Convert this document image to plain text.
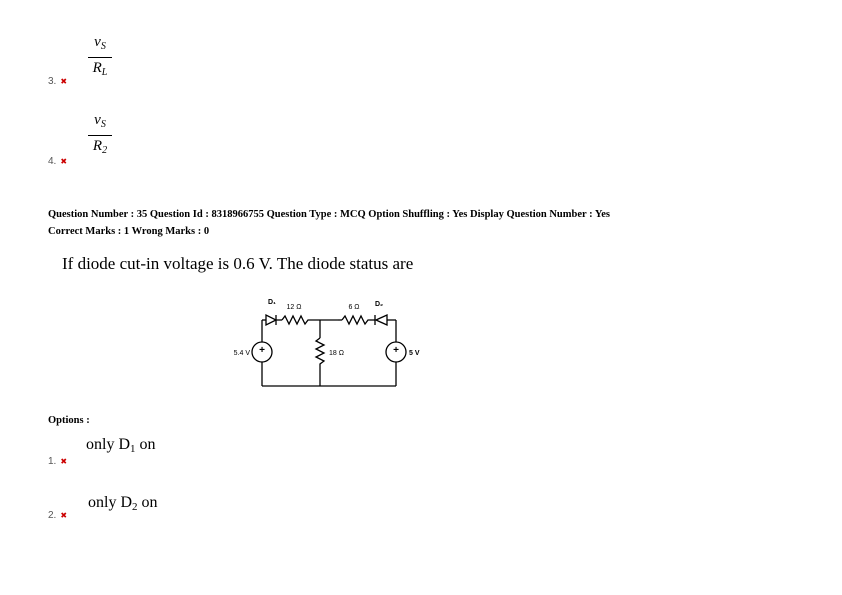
$v_S$
$R_L$
3. ✖
$v_S$
$R_2$
4. ✖
Question Number : 35 Question Id : 8318966755 Question Type : MCQ Option Shuffling : Yes Display Question Number : Yes
Correct Marks : 1 Wrong Marks : 0
If diode cut-in voltage is 0.6 V. The diode status are
+	+
D₁
12 Ω	6 Ω D₂
5.4 V	18 Ω	5 V
Options :
only D1 on
1. ✖
only D2 on
2. ✖
